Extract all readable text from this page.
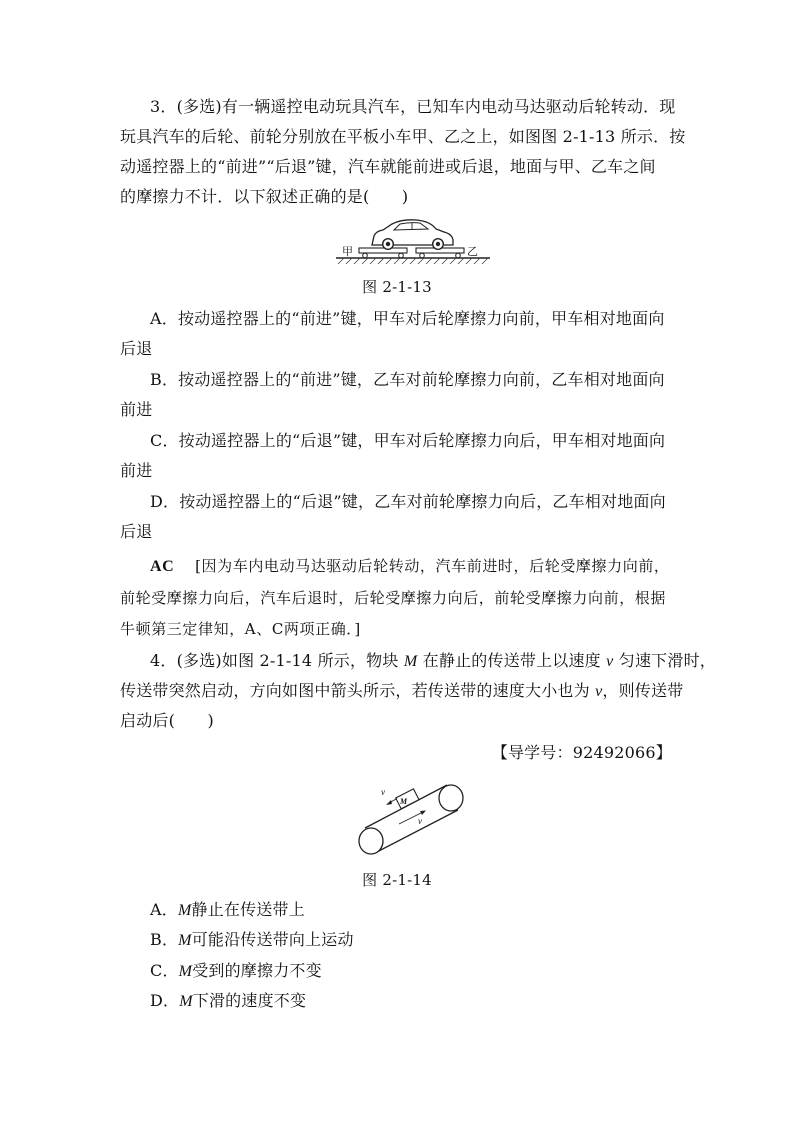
3．(多选)有一辆遥控电动玩具汽车，已知车内电动马达驱动后轮转动．现
玩具汽车的后轮、前轮分别放在平板小车甲、乙之上，如图图 2-1-13 所示．按
动遥控器上的“前进”“后退”键，汽车就能前进或后退，地面与甲、乙车之间
的摩擦力不计．以下叙述正确的是(　　)
甲	乙
图 2-1-13
A．按动遥控器上的“前进”键，甲车对后轮摩擦力向前，甲车相对地面向
后退
B．按动遥控器上的“前进”键，乙车对前轮摩擦力向前，乙车相对地面向
前进
C．按动遥控器上的“后退”键，甲车对后轮摩擦力向后，甲车相对地面向
前进
D．按动遥控器上的“后退”键，乙车对前轮摩擦力向后，乙车相对地面向
后退
AC [因为车内电动马达驱动后轮转动，汽车前进时，后轮受摩擦力向前，
前轮受摩擦力向后，汽车后退时，后轮受摩擦力向后，前轮受摩擦力向前，根据
牛顿第三定律知，A、C两项正确．]
4．(多选)如图 2-1-14 所示，物块 M 在静止的传送带上以速度 v 匀速下滑时，
传送带突然启动，方向如图中箭头所示，若传送带的速度大小也为 v，则传送带
启动后(　　)
【导学号：92492066】
M
v
v
图 2-1-14
A．M静止在传送带上
B．M可能沿传送带向上运动
C．M受到的摩擦力不变
D．M下滑的速度不变
